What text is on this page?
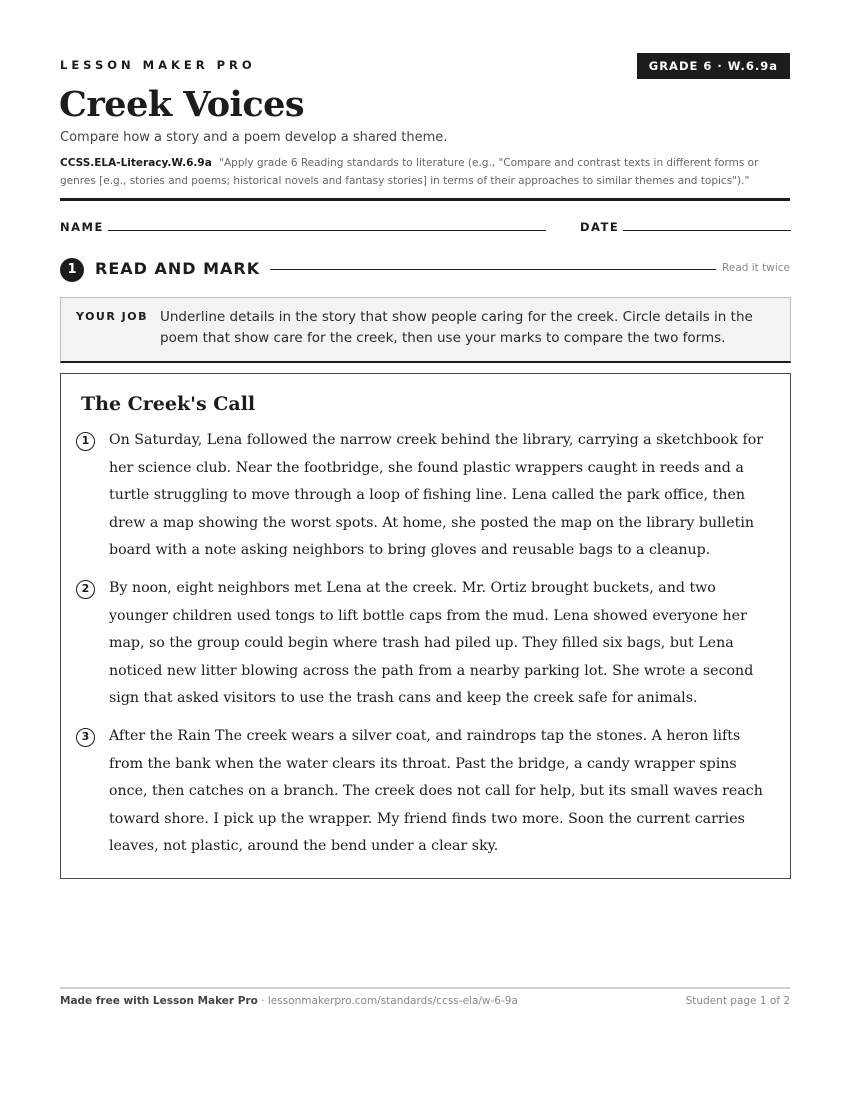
LESSON MAKER PRO	GRADE 6 · W.6.9a
Creek Voices
Compare how a story and a poem develop a shared theme.
CCSS.ELA-Literacy.W.6.9a "Apply grade 6 Reading standards to literature (e.g., "Compare and contrast texts in different forms or genres [e.g., stories and poems; historical novels and fantasy stories] in terms of their approaches to similar themes and topics")."
NAME	DATE
1	READ AND MARK	Read it twice
YOUR JOB Underline details in the story that show people caring for the creek. Circle details in the poem that show care for the creek, then use your marks to compare the two forms.
The Creek's Call
1	On Saturday, Lena followed the narrow creek behind the library, carrying a sketchbook for her science club. Near the footbridge, she found plastic wrappers caught in reeds and a turtle struggling to move through a loop of fishing line. Lena called the park office, then drew a map showing the worst spots. At home, she posted the map on the library bulletin board with a note asking neighbors to bring gloves and reusable bags to a cleanup.
2	By noon, eight neighbors met Lena at the creek. Mr. Ortiz brought buckets, and two younger children used tongs to lift bottle caps from the mud. Lena showed everyone her map, so the group could begin where trash had piled up. They filled six bags, but Lena noticed new litter blowing across the path from a nearby parking lot. She wrote a second sign that asked visitors to use the trash cans and keep the creek safe for animals.
3	After the Rain The creek wears a silver coat, and raindrops tap the stones. A heron lifts from the bank when the water clears its throat. Past the bridge, a candy wrapper spins once, then catches on a branch. The creek does not call for help, but its small waves reach toward shore. I pick up the wrapper. My friend finds two more. Soon the current carries leaves, not plastic, around the bend under a clear sky.
Made free with Lesson Maker Pro · lessonmakerpro.com/standards/ccss-ela/w-6-9a	Student page 1 of 2
